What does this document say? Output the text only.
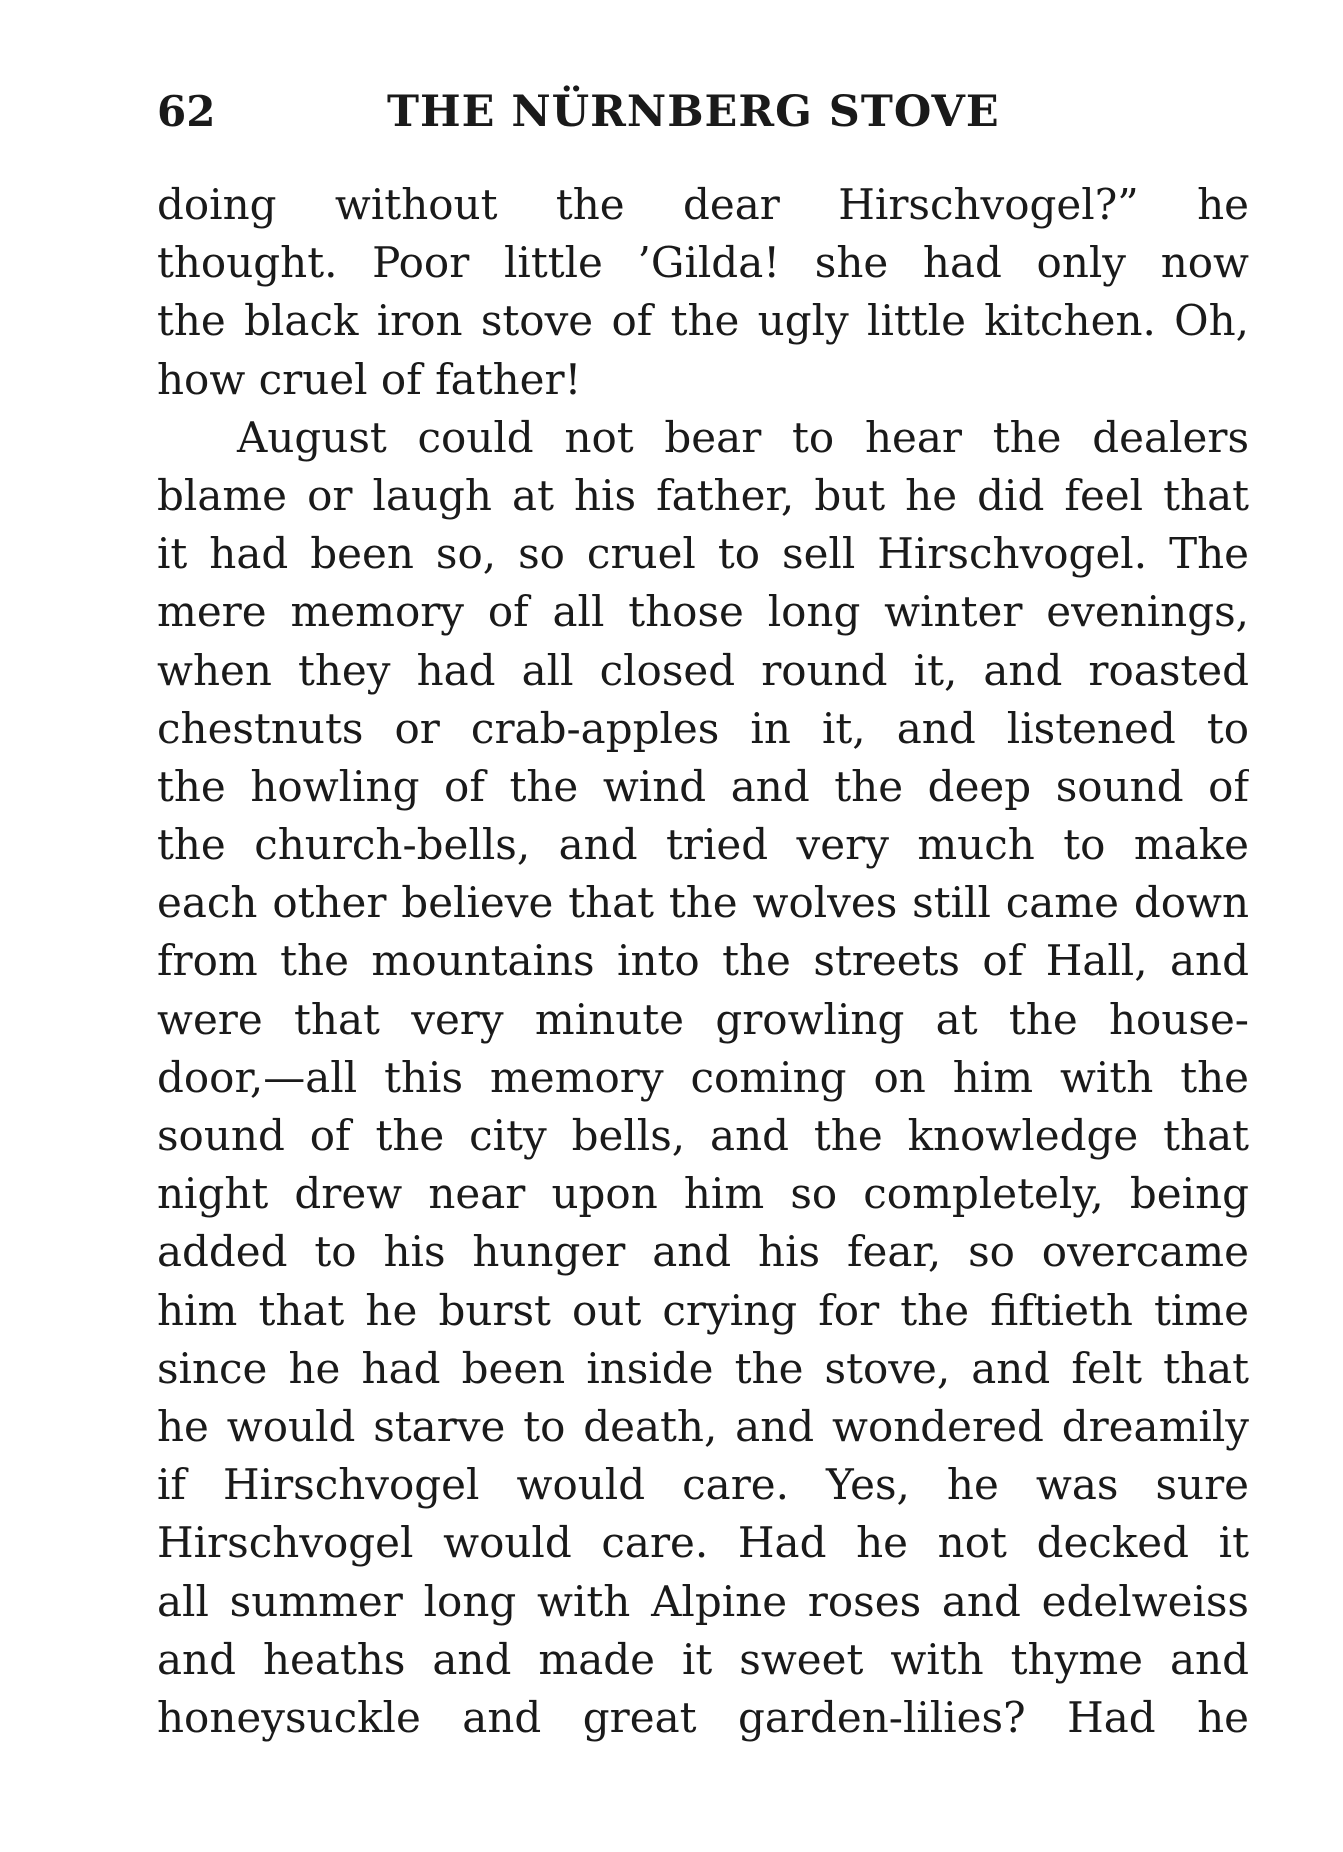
62	THE NÜRNBERG STOVE
doing without the dear Hirschvogel?” he
thought. Poor little ’Gilda! she had only now
the black iron stove of the ugly little kitchen. Oh,
how cruel of father!
August could not bear to hear the dealers
blame or laugh at his father, but he did feel that
it had been so, so cruel to sell Hirschvogel. The
mere memory of all those long winter evenings,
when they had all closed round it, and roasted
chestnuts or crab-apples in it, and listened to
the howling of the wind and the deep sound of
the church-bells, and tried very much to make
each other believe that the wolves still came down
from the mountains into the streets of Hall, and
were that very minute growling at the house-
door,—all this memory coming on him with the
sound of the city bells, and the knowledge that
night drew near upon him so completely, being
added to his hunger and his fear, so overcame
him that he burst out crying for the fiftieth time
since he had been inside the stove, and felt that
he would starve to death, and wondered dreamily
if Hirschvogel would care. Yes, he was sure
Hirschvogel would care. Had he not decked it
all summer long with Alpine roses and edelweiss
and heaths and made it sweet with thyme and
honeysuckle and great garden-lilies? Had he
